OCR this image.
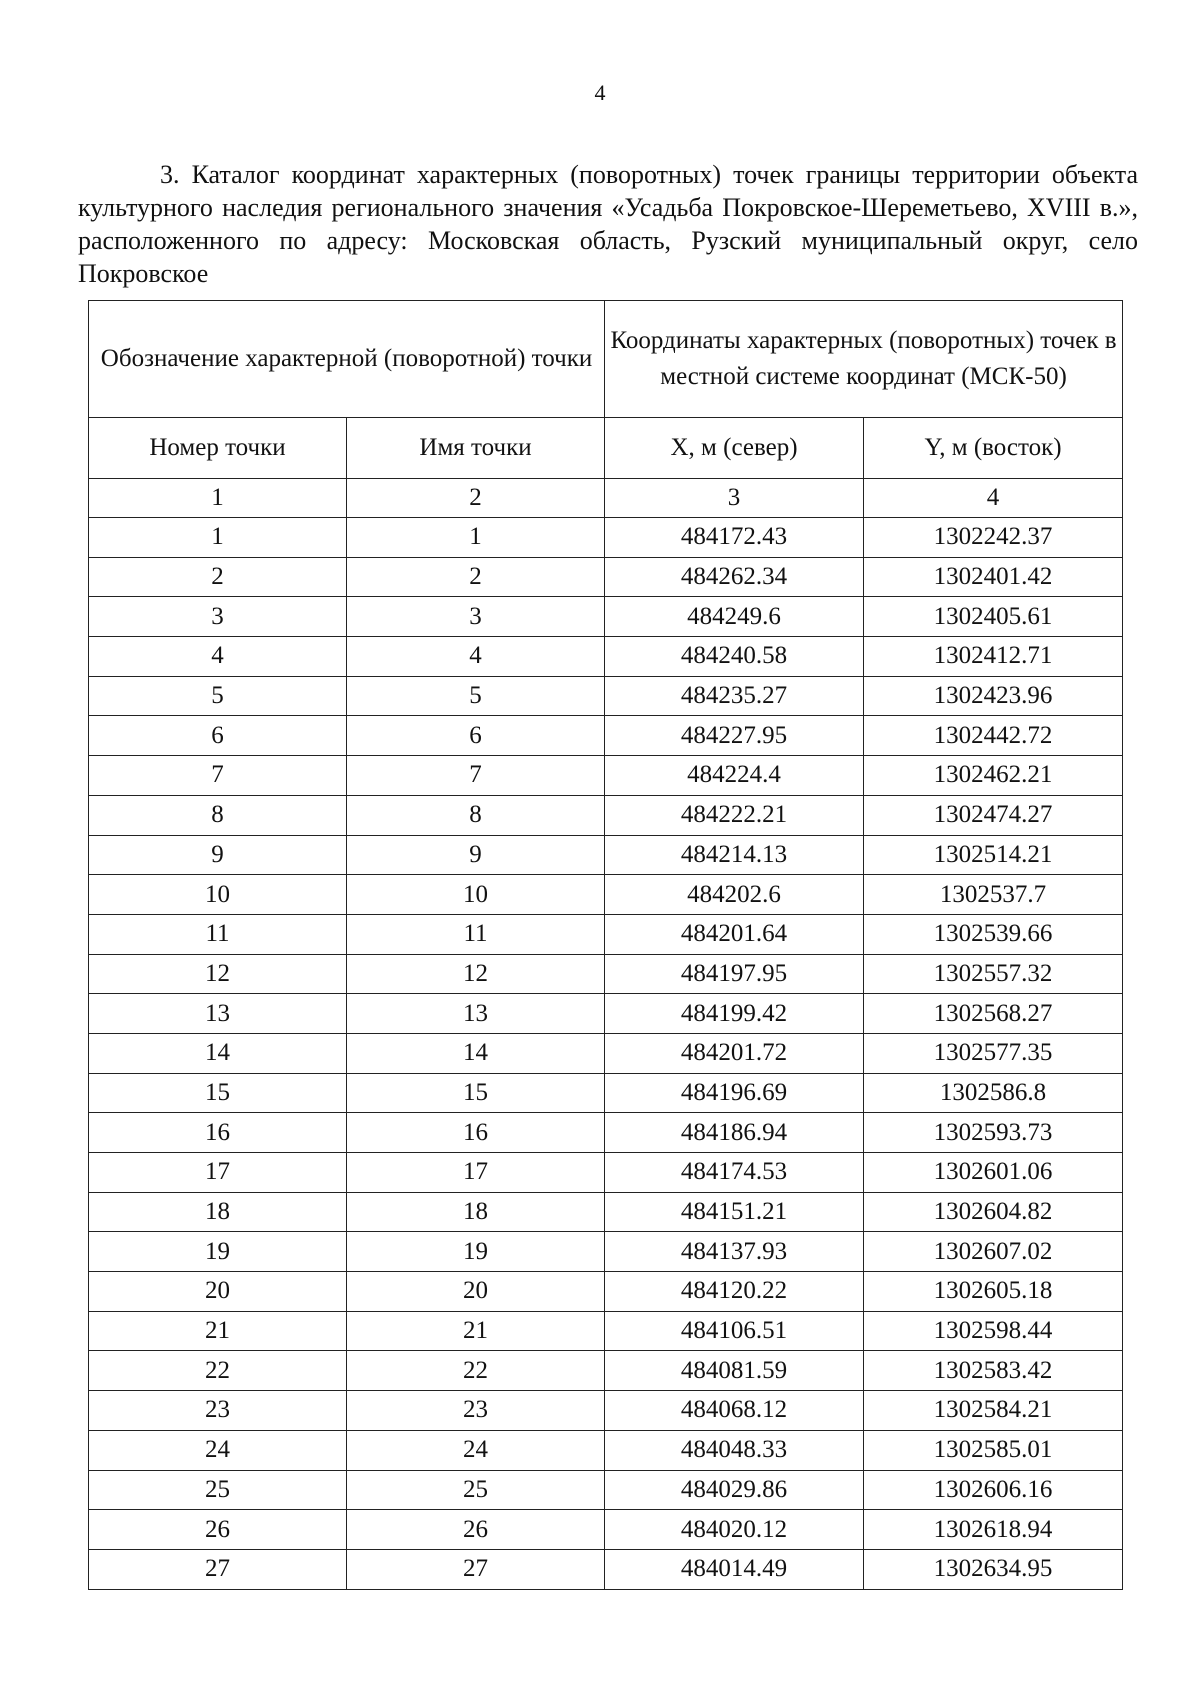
4

3. Каталог координат характерных (поворотных) точек границы территории объекта культурного наследия регионального значения «Усадьба Покровское-Шереметьево, XVIII в.», расположенного по адресу: Московская область, Рузский муниципальный округ, село Покровское

Обозначение характерной (поворотной) точки		Координаты характерных (поворотных) точек в местной системе координат (МСК-50)	
Номер точки	Имя точки	X, м (север)	Y, м (восток)
1	2	3	4
1	1	484172.43	1302242.37
2	2	484262.34	1302401.42
3	3	484249.6	1302405.61
4	4	484240.58	1302412.71
5	5	484235.27	1302423.96
6	6	484227.95	1302442.72
7	7	484224.4	1302462.21
8	8	484222.21	1302474.27
9	9	484214.13	1302514.21
10	10	484202.6	1302537.7
11	11	484201.64	1302539.66
12	12	484197.95	1302557.32
13	13	484199.42	1302568.27
14	14	484201.72	1302577.35
15	15	484196.69	1302586.8
16	16	484186.94	1302593.73
17	17	484174.53	1302601.06
18	18	484151.21	1302604.82
19	19	484137.93	1302607.02
20	20	484120.22	1302605.18
21	21	484106.51	1302598.44
22	22	484081.59	1302583.42
23	23	484068.12	1302584.21
24	24	484048.33	1302585.01
25	25	484029.86	1302606.16
26	26	484020.12	1302618.94
27	27	484014.49	1302634.95
